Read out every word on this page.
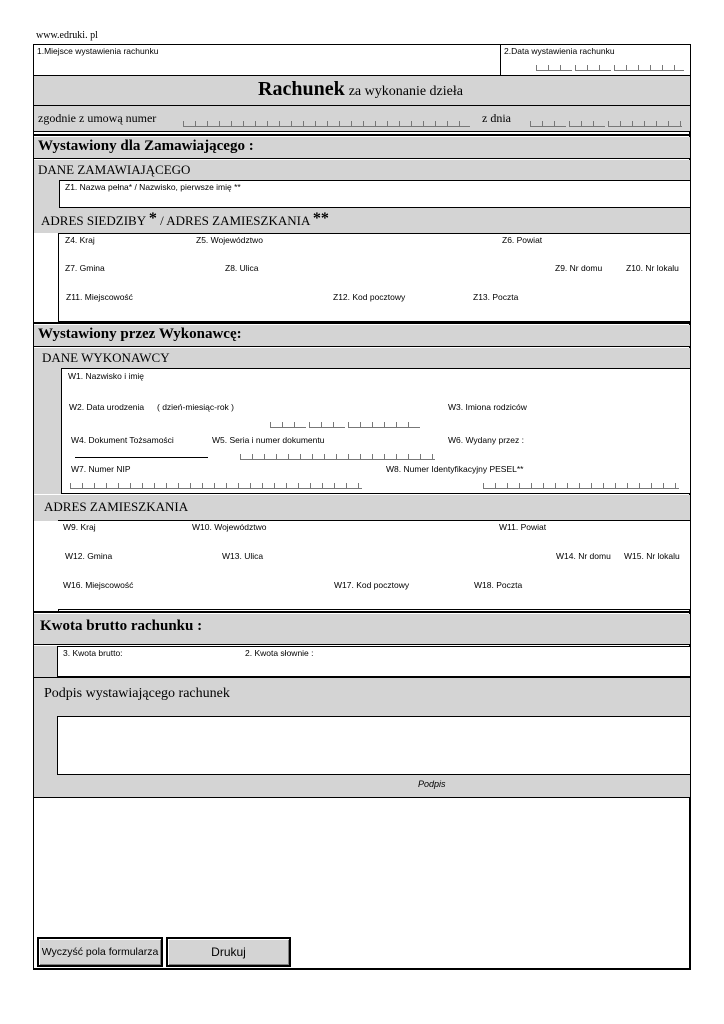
www.edruki. pl
1.Miejsce wystawienia rachunku	2.Data wystawienia rachunku
Rachunek za wykonanie dzieła
zgodnie z umową numer	z dnia
Wystawiony dla Zamawiającego :
DANE ZAMAWIAJĄCEGO
Z1. Nazwa pełna* / Nazwisko, pierwsze imię **
ADRES SIEDZIBY * / ADRES ZAMIESZKANIA **
Z4. Kraj	Z5. Województwo	Z6. Powiat
Z7. Gmina	Z8. Ulica	Z9. Nr domu	Z10. Nr lokalu
Z11. Miejscowość	Z12. Kod pocztowy	Z13. Poczta
Wystawiony przez Wykonawcę:
DANE WYKONAWCY
W1. Nazwisko i imię
W2. Data urodzenia ( dzień-miesiąc-rok )	W3. Imiona rodziców
W4. Dokument Tożsamości	W5. Seria i numer dokumentu	W6. Wydany przez :
W7. Numer NIP	W8. Numer Identyfikacyjny PESEL**
ADRES ZAMIESZKANIA
W9. Kraj	W10. Województwo	W11. Powiat
W12. Gmina	W13. Ulica	W14. Nr domu W15. Nr lokalu
W16. Miejscowość	W17. Kod pocztowy	W18. Poczta
Kwota brutto rachunku :
3. Kwota brutto:	2. Kwota słownie :
Podpis wystawiającego rachunek
Podpis
Wyczyść pola formularza	Drukuj
